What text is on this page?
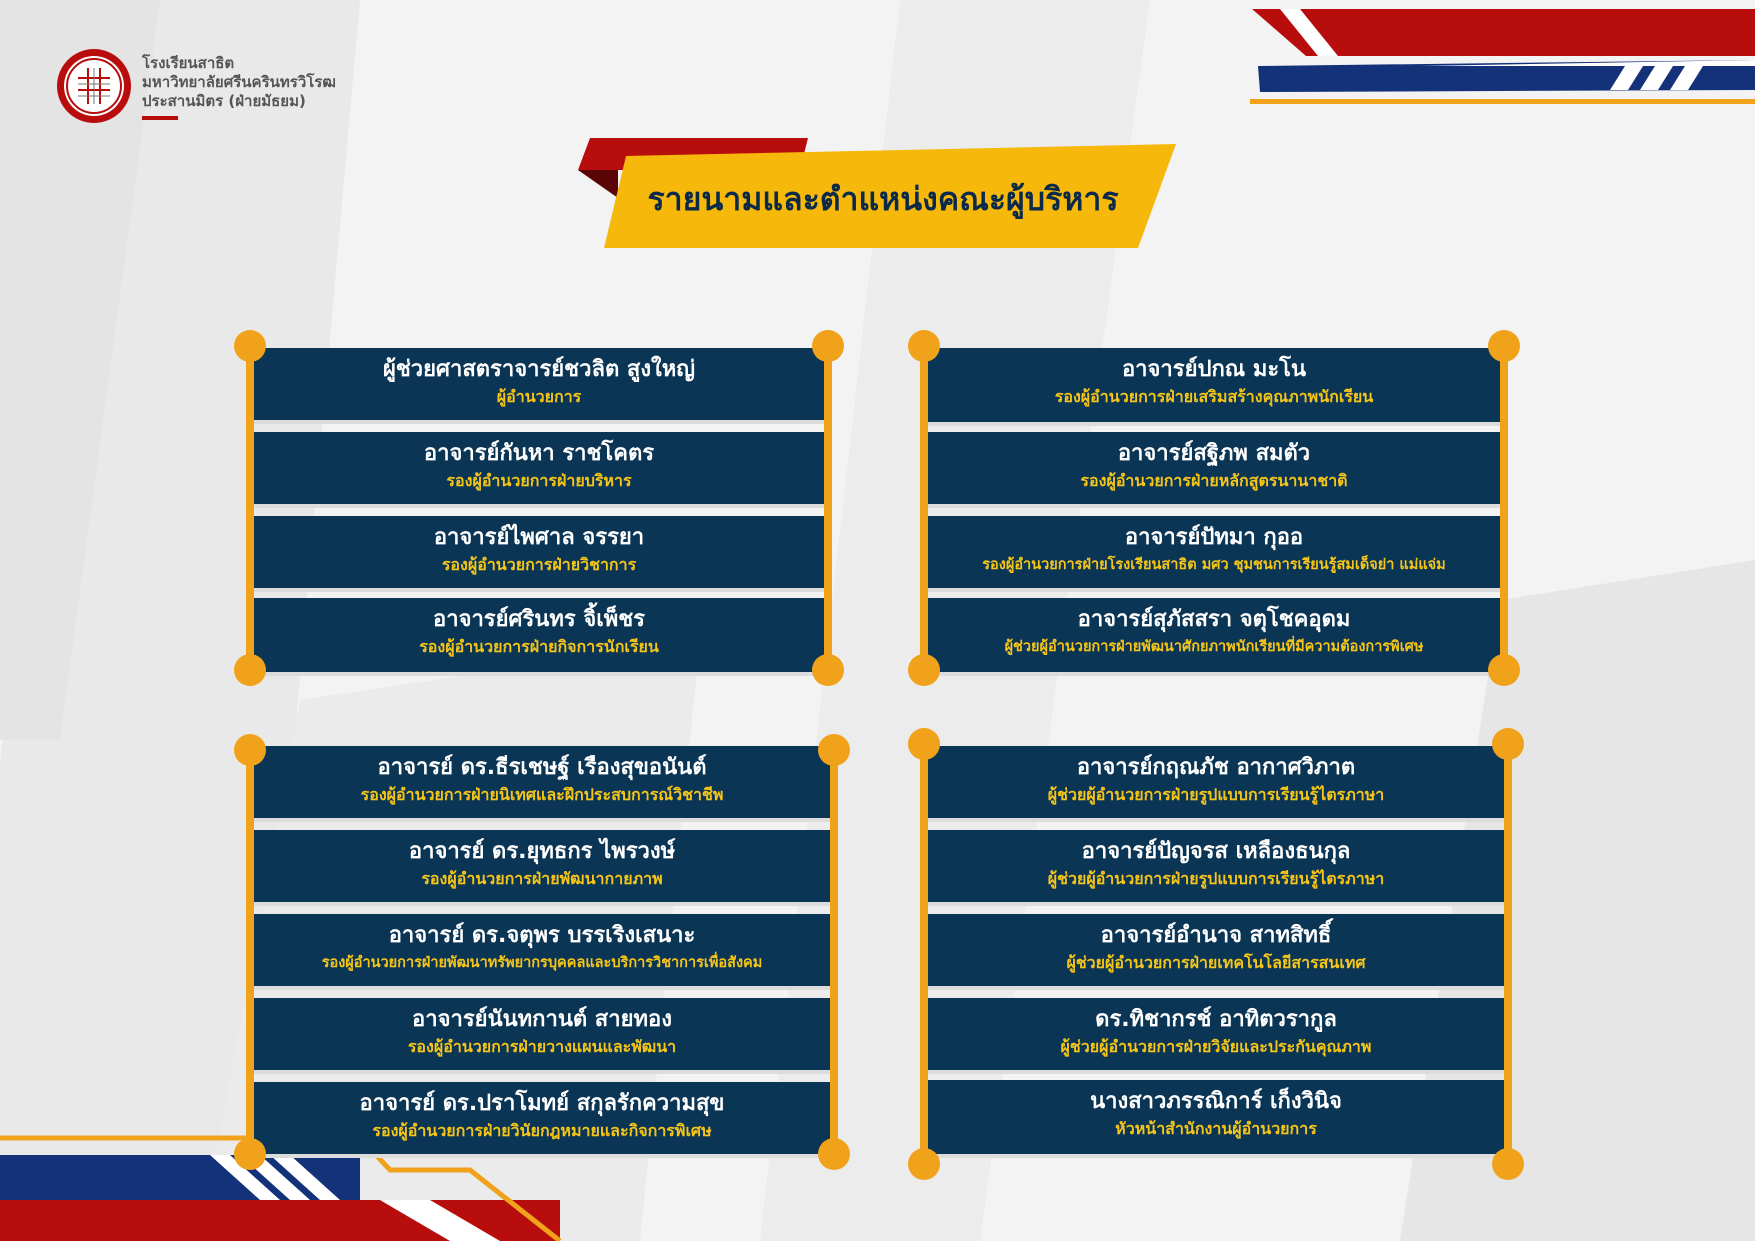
โรงเรียนสาธิต
มหาวิทยาลัยศรีนครินทรวิโรฒ
ประสานมิตร (ฝ่ายมัธยม)
รายนามและตำแหน่งคณะผู้บริหาร
ผู้ช่วยศาสตราจารย์ชวลิต สูงใหญ่
ผู้อำนวยการ
อาจารย์กันหา ราชโคตร
รองผู้อำนวยการฝ่ายบริหาร
อาจารย์ไพศาล จรรยา
รองผู้อำนวยการฝ่ายวิชาการ
อาจารย์ศรินทร จิ้เพ็ชร
รองผู้อำนวยการฝ่ายกิจการนักเรียน
อาจารย์ปกณ มะโน
รองผู้อำนวยการฝ่ายเสริมสร้างคุณภาพนักเรียน
อาจารย์สฐิภพ สมตัว
รองผู้อำนวยการฝ่ายหลักสูตรนานาชาติ
อาจารย์ปัทมา กุออ
รองผู้อำนวยการฝ่ายโรงเรียนสาธิต มศว ชุมชนการเรียนรู้สมเด็จย่า แม่แจ่ม
อาจารย์สุภัสสรา จตุโชคอุดม
ผู้ช่วยผู้อำนวยการฝ่ายพัฒนาศักยภาพนักเรียนที่มีความต้องการพิเศษ
อาจารย์ ดร.ธีรเชษฐ์ เรืองสุขอนันต์
รองผู้อำนวยการฝ่ายนิเทศและฝึกประสบการณ์วิชาชีพ
อาจารย์ ดร.ยุทธกร ไพรวงษ์
รองผู้อำนวยการฝ่ายพัฒนากายภาพ
อาจารย์ ดร.จตุพร บรรเริงเสนาะ
รองผู้อำนวยการฝ่ายพัฒนาทรัพยากรบุคคลและบริการวิชาการเพื่อสังคม
อาจารย์นันทกานต์ สายทอง
รองผู้อำนวยการฝ่ายวางแผนและพัฒนา
อาจารย์ ดร.ปราโมทย์ สกุลรักความสุข
รองผู้อำนวยการฝ่ายวินัยกฎหมายและกิจการพิเศษ
อาจารย์กฤณภัช อากาศวิภาต
ผู้ช่วยผู้อำนวยการฝ่ายรูปแบบการเรียนรู้ไตรภาษา
อาจารย์ปัญจรส เหลืองธนกุล
ผู้ช่วยผู้อำนวยการฝ่ายรูปแบบการเรียนรู้ไตรภาษา
อาจารย์อำนาจ สาทสิทธิ์
ผู้ช่วยผู้อำนวยการฝ่ายเทคโนโลยีสารสนเทศ
ดร.ทิชากรช์ อาทิตวรากูล
ผู้ช่วยผู้อำนวยการฝ่ายวิจัยและประกันคุณภาพ
นางสาวภรรณิการ์ เก็งวินิจ
หัวหน้าสำนักงานผู้อำนวยการ
